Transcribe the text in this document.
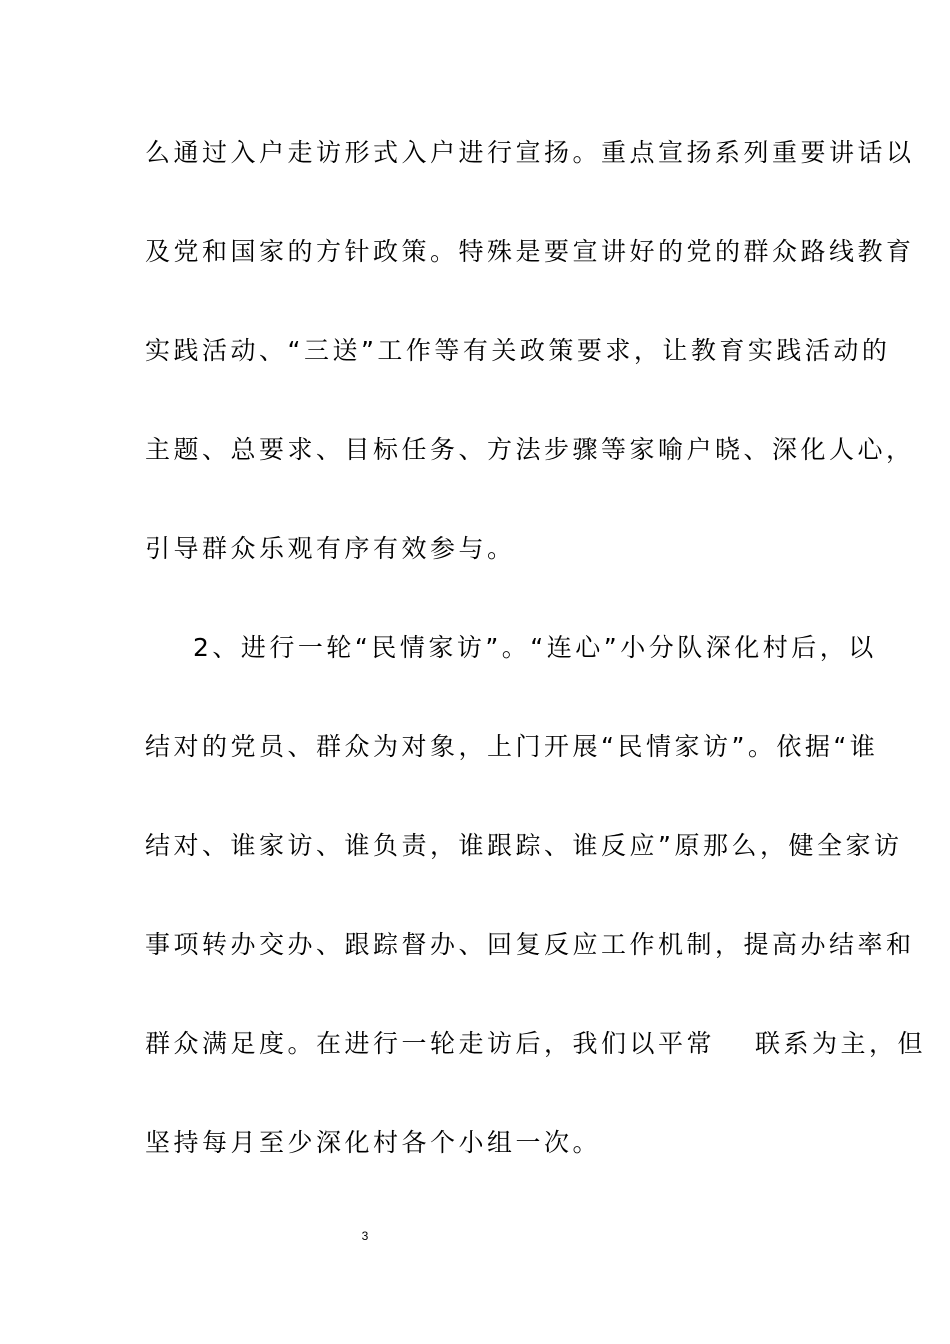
么通过入户走访形式入户进行宣扬。重点宣扬系列重要讲话以
及党和国家的方针政策。特殊是要宣讲好的党的群众路线教育
实践活动、“三送”工作等有关政策要求，让教育实践活动的
主题、总要求、目标任务、方法步骤等家喻户晓、深化人心，
引导群众乐观有序有效参与。
2、进行一轮“民情家访”。“连心”小分队深化村后，以
结对的党员、群众为对象，上门开展“民情家访”。依据“谁
结对、谁家访、谁负责，谁跟踪、谁反应”原那么，健全家访
事项转办交办、跟踪督办、回复反应工作机制，提高办结率和
群众满足度。在进行一轮走访后，我们以平常　 联系为主，但
坚持每月至少深化村各个小组一次。
3
